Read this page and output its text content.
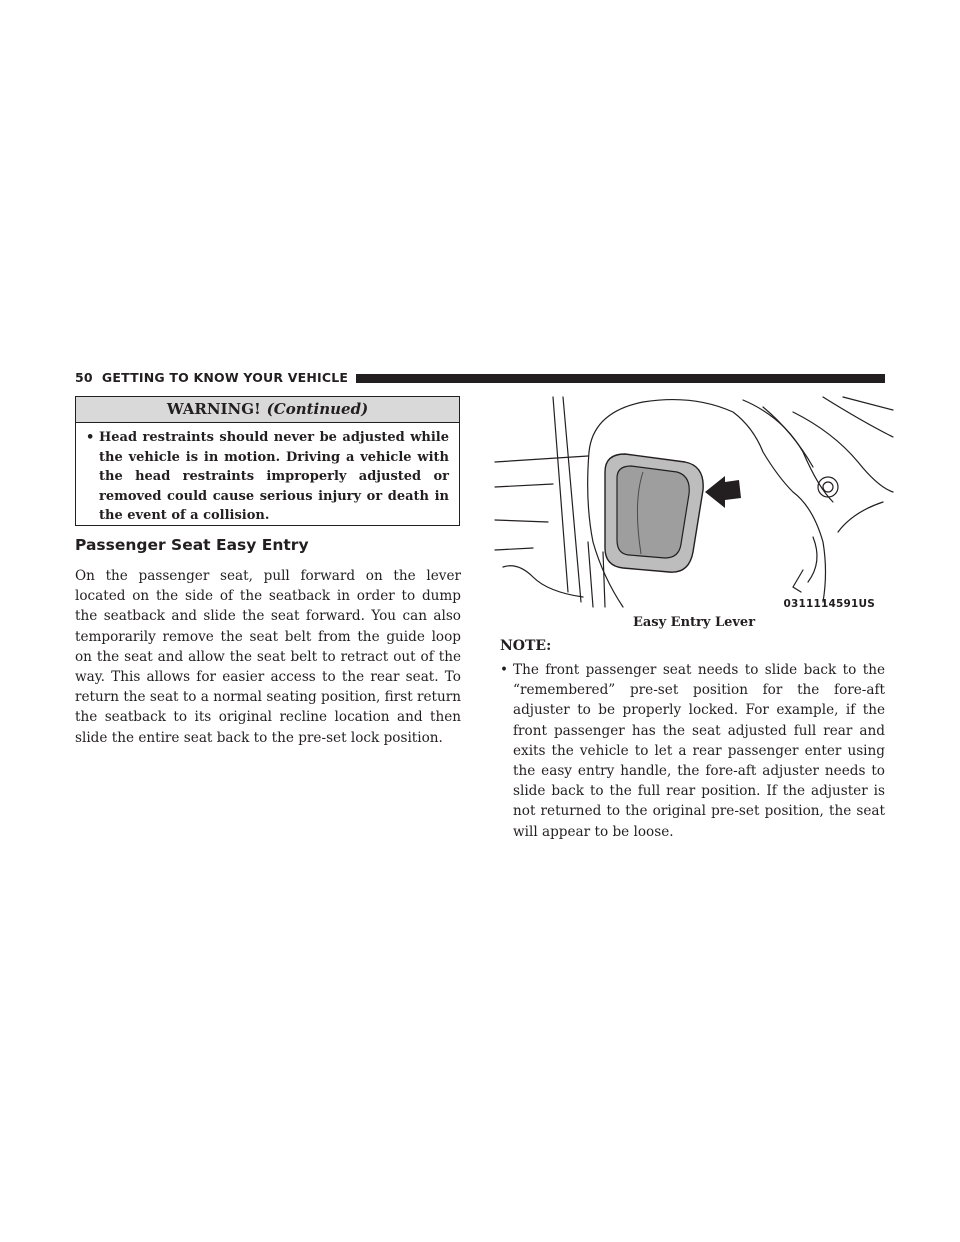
50 GETTING TO KNOW YOUR VEHICLE
WARNING! (Continued)
• Head restraints should never be adjusted while the vehicle is in motion. Driving a vehicle with the head restraints improperly adjusted or removed could cause serious injury or death in the event of a collision.
Passenger Seat Easy Entry
On the passenger seat, pull forward on the lever located on the side of the seatback in order to dump the seatback and slide the seat forward. You can also temporarily remove the seat belt from the guide loop on the seat and allow the seat belt to retract out of the way. This allows for easier access to the rear seat. To return the seat to a normal seating position, first return the seatback to its original recline location and then slide the entire seat back to the pre-set lock position.
0311114591US
Easy Entry Lever
NOTE:
• The front passenger seat needs to slide back to the “remembered” pre-set position for the fore-aft adjuster to be properly locked. For example, if the front passenger has the seat adjusted full rear and exits the vehicle to let a rear passenger enter using the easy entry handle, the fore-aft adjuster needs to slide back to the full rear position. If the adjuster is not returned to the original pre-set position, the seat will appear to be loose.
